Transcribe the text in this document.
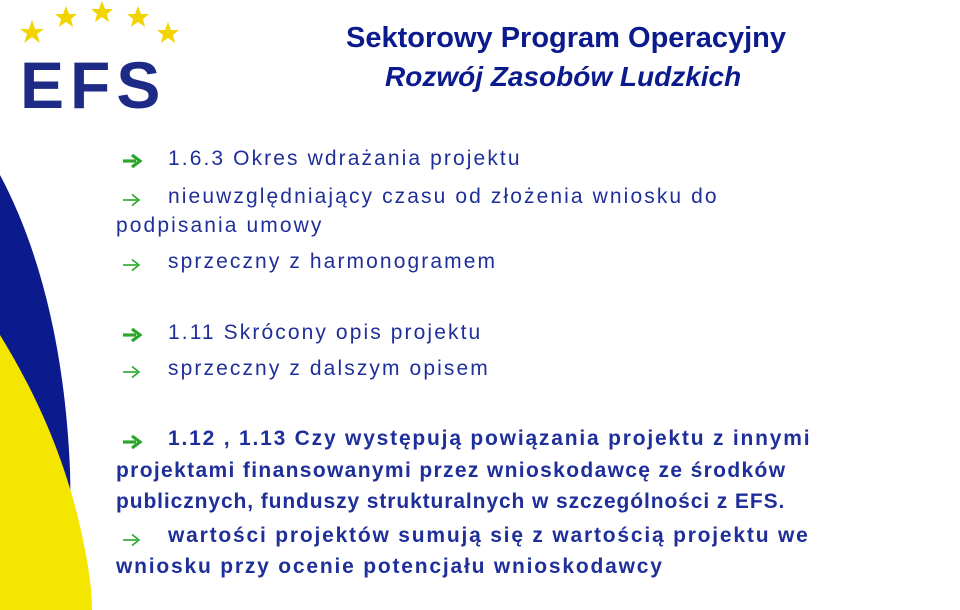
EFS
Sektorowy Program Operacyjny
Rozwój Zasobów Ludzkich
1.6.3 Okres wdrażania projektu
nieuwzględniający czasu od złożenia wniosku do
podpisania umowy
sprzeczny z harmonogramem
1.11 Skrócony opis projektu
sprzeczny z dalszym opisem
1.12 , 1.13 Czy występują powiązania projektu z innymi
projektami finansowanymi przez wnioskodawcę ze środków
publicznych, funduszy strukturalnych w szczególności z EFS.
wartości projektów sumują się z wartością projektu we
wniosku przy ocenie potencjału wnioskodawcy
